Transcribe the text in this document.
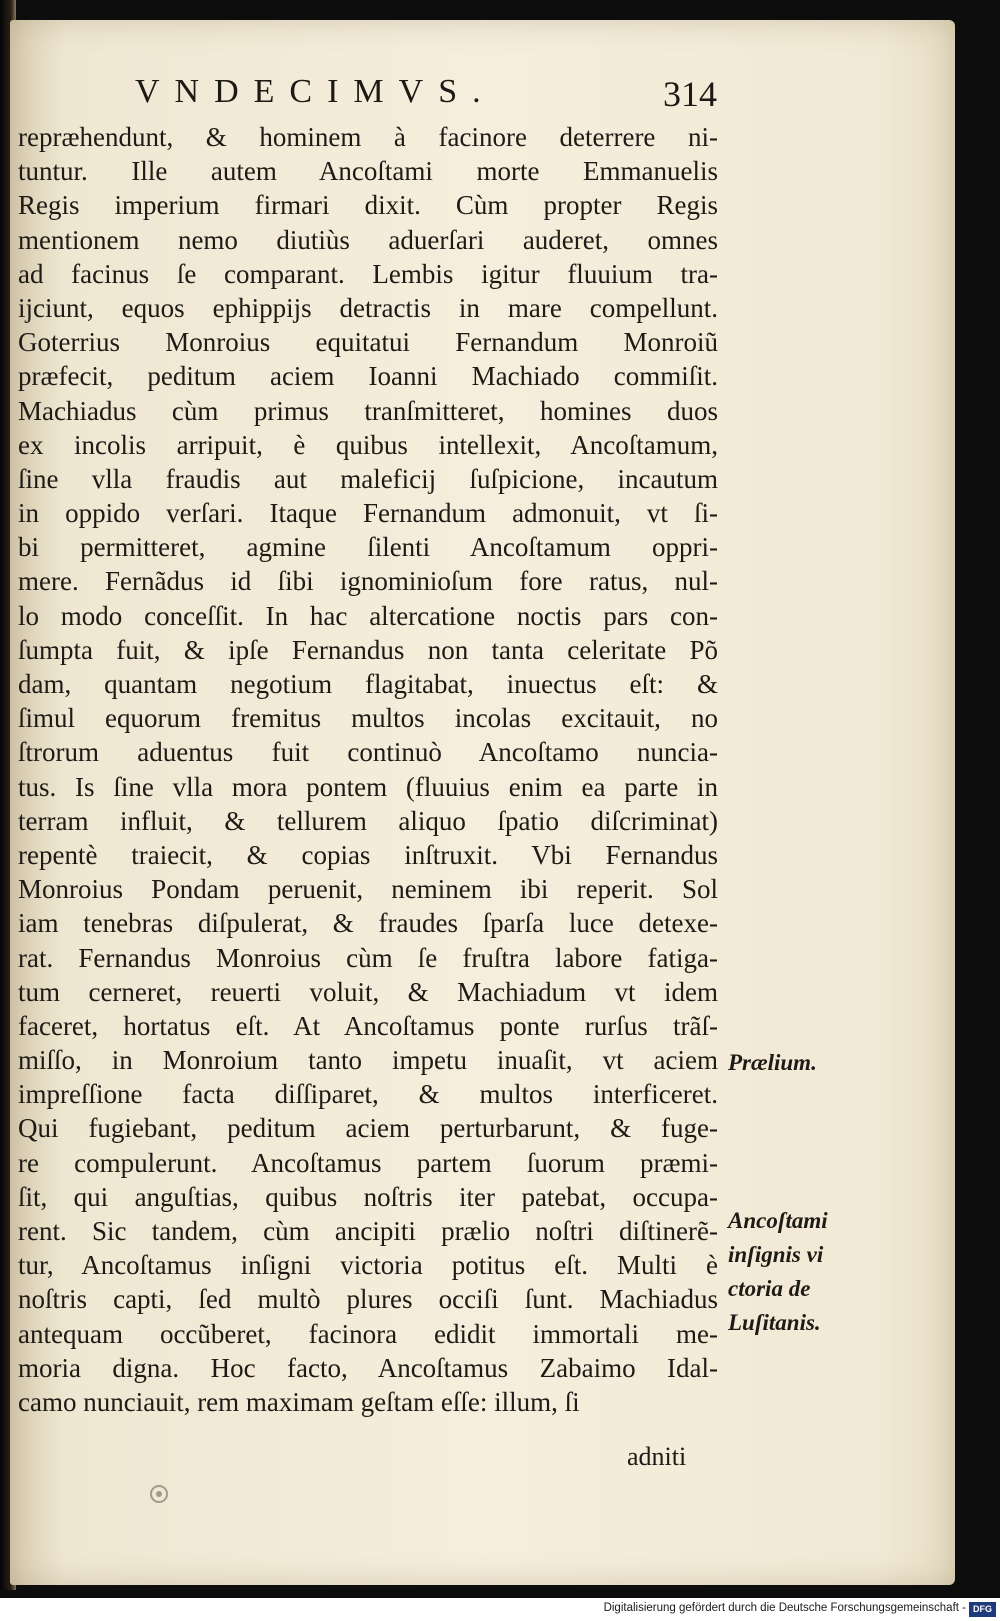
VNDECIMVS.	314
reprӕhendunt, & hominem à facinore deterrere ni-
tuntur. Ille autem Ancoſtami morte Emmanuelis
Regis imperium firmari dixit. Cùm propter Regis
mentionem nemo diutiùs aduerſari auderet, omnes
ad facinus ſe comparant. Lembis igitur fluuium tra-
ijciunt, equos ephippijs detractis in mare compellunt.
Goterrius Monroius equitatui Fernandum Monroiũ
prӕfecit, peditum aciem Ioanni Machiado commiſit.
Machiadus cùm primus tranſmitteret, homines duos
ex incolis arripuit, è quibus intellexit, Ancoſtamum,
ſine vlla fraudis aut maleficij ſuſpicione, incautum
in oppido verſari. Itaque Fernandum admonuit, vt ſi-
bi permitteret, agmine ſilenti Ancoſtamum oppri-
mere. Fernãdus id ſibi ignominioſum fore ratus, nul-
lo modo conceſſit. In hac altercatione noctis pars con-
ſumpta fuit, & ipſe Fernandus non tanta celeritate Põ
dam, quantam negotium flagitabat, inuectus eſt: &
ſimul equorum fremitus multos incolas excitauit, no
ſtrorum aduentus fuit continuò Ancoſtamo nuncia-
tus. Is ſine vlla mora pontem (fluuius enim ea parte in
terram influit, & tellurem aliquo ſpatio diſcriminat)
repentè traiecit, & copias inſtruxit. Vbi Fernandus
Monroius Pondam peruenit, neminem ibi reperit. Sol
iam tenebras diſpulerat, & fraudes ſparſa luce detexe-
rat. Fernandus Monroius cùm ſe fruſtra labore fatiga-
tum cerneret, reuerti voluit, & Machiadum vt idem
faceret, hortatus eſt. At Ancoſtamus ponte rurſus trãſ-
miſſo, in Monroium tanto impetu inuaſit, vt aciem
impreſſione facta diſſiparet, & multos interficeret.
Qui fugiebant, peditum aciem perturbarunt, & fuge-
re compulerunt. Ancoſtamus partem ſuorum prӕmi-
ſit, qui anguſtias, quibus noſtris iter patebat, occupa-
rent. Sic tandem, cùm ancipiti prӕlio noſtri diſtinerẽ-
tur, Ancoſtamus inſigni victoria potitus eſt. Multi è
noſtris capti, ſed multò plures occiſi ſunt. Machiadus
antequam occũberet, facinora edidit immortali me-
moria digna. Hoc facto, Ancoſtamus Zabaimo Idal-
camo nunciauit, rem maximam geſtam eſſe: illum, ſi
adniti
Prӕlium.
Ancoſtami
inſignis vi
ctoria de
Luſitanis.
Digitalisierung gefördert durch die Deutsche Forschungsgemeinschaft - DFG
